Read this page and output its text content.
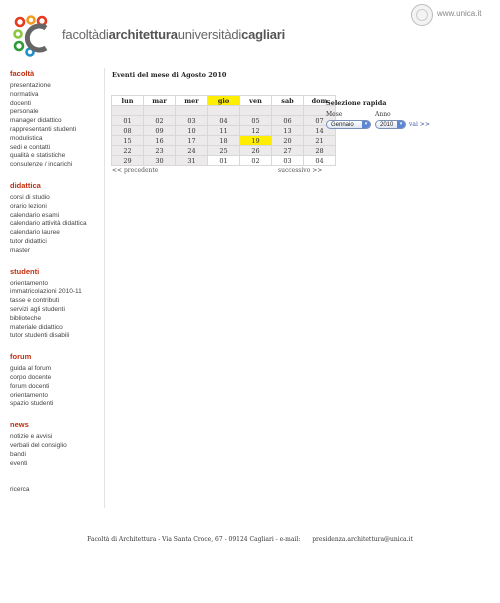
facoltàdiarchitetturauniversitàdicagliari
www.unica.it
facoltà
presentazione
normativa
docenti
personale
manager didattico
rappresentanti studenti
modulistica
sedi e contatti
qualità e statistiche
consulenze / incarichi
didattica
corsi di studio
orario lezioni
calendario esami
calendario attività didattica
calendario lauree
tutor didattici
master
studenti
orientamento
immatricolazioni 2010-11
tasse e contributi
servizi agli studenti
biblioteche
materiale didattico
tutor studenti disabili
forum
guida al forum
corpo docente
forum docenti
orientamento
spazio studenti
news
notizie e avvisi
verbali del consiglio
bandi
eventi
ricerca
Eventi del mese di Agosto 2010
lun	mar	mer	gio	ven	sab	dom

01	02	03	04	05	06	07
08	09	10	11	12	13	14
15	16	17	18	19	20	21
22	23	24	25	26	27	28
29	30	31	01	02	03	04
<< precedente	successivo >>
Selezione rapida
Mese	Anno
Gennaio	▾	2010	▾	vai >>
Facoltà di Architettura - Via Santa Croce, 67 - 09124 Cagliari - e-mail: presidenza.architettura@unica.it
